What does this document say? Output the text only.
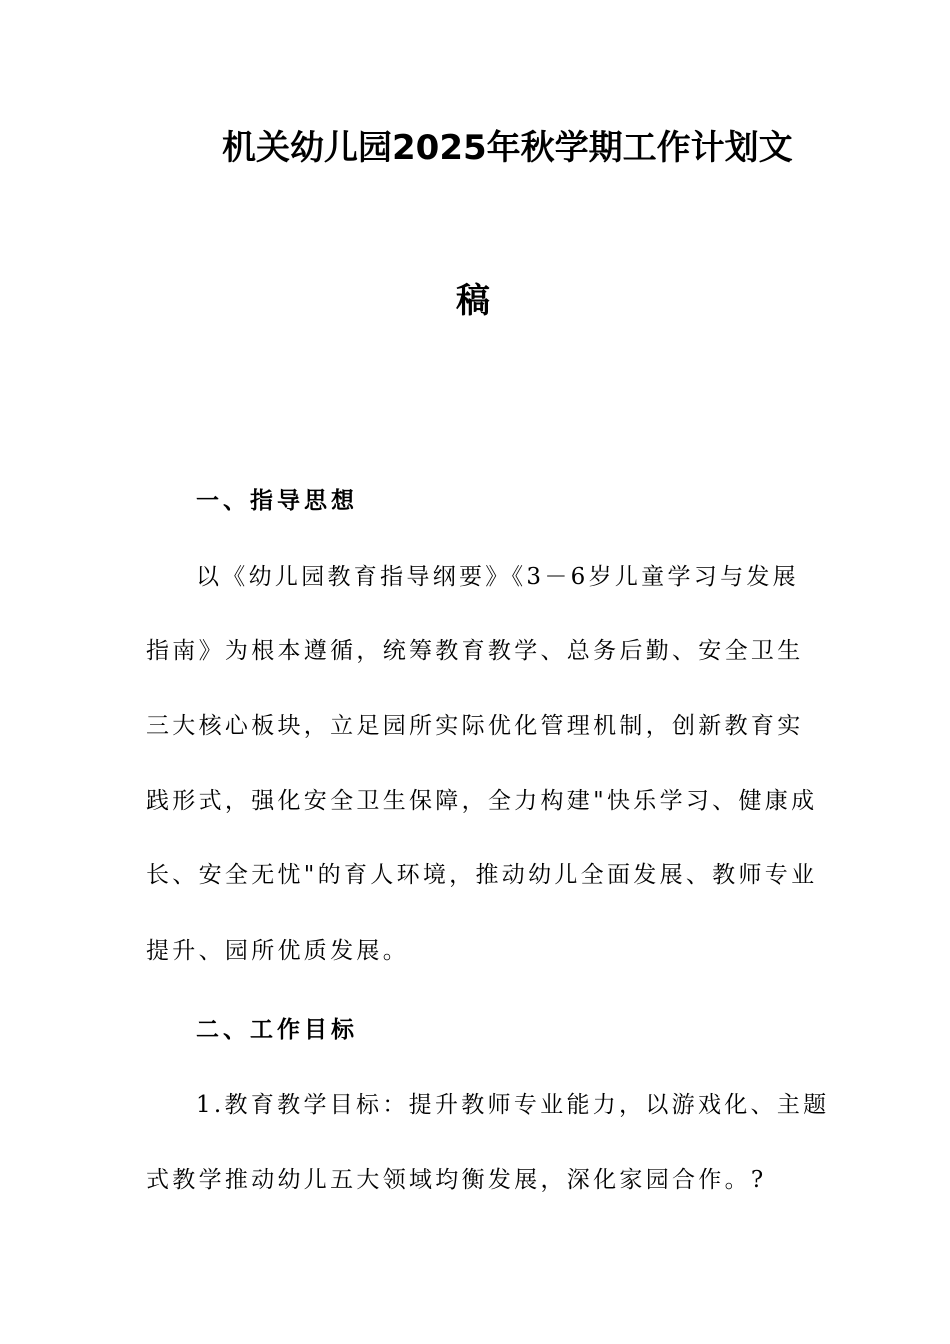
机关幼儿园2025年秋学期工作计划文
稿
一、指导思想
以《幼儿园教育指导纲要》《3－6岁儿童学习与发展
指南》为根本遵循，统筹教育教学、总务后勤、安全卫生
三大核心板块，立足园所实际优化管理机制，创新教育实
践形式，强化安全卫生保障，全力构建"快乐学习、健康成
长、安全无忧"的育人环境，推动幼儿全面发展、教师专业
提升、园所优质发展。
二、工作目标
1.教育教学目标：提升教师专业能力，以游戏化、主题
式教学推动幼儿五大领域均衡发展，深化家园合作。?
